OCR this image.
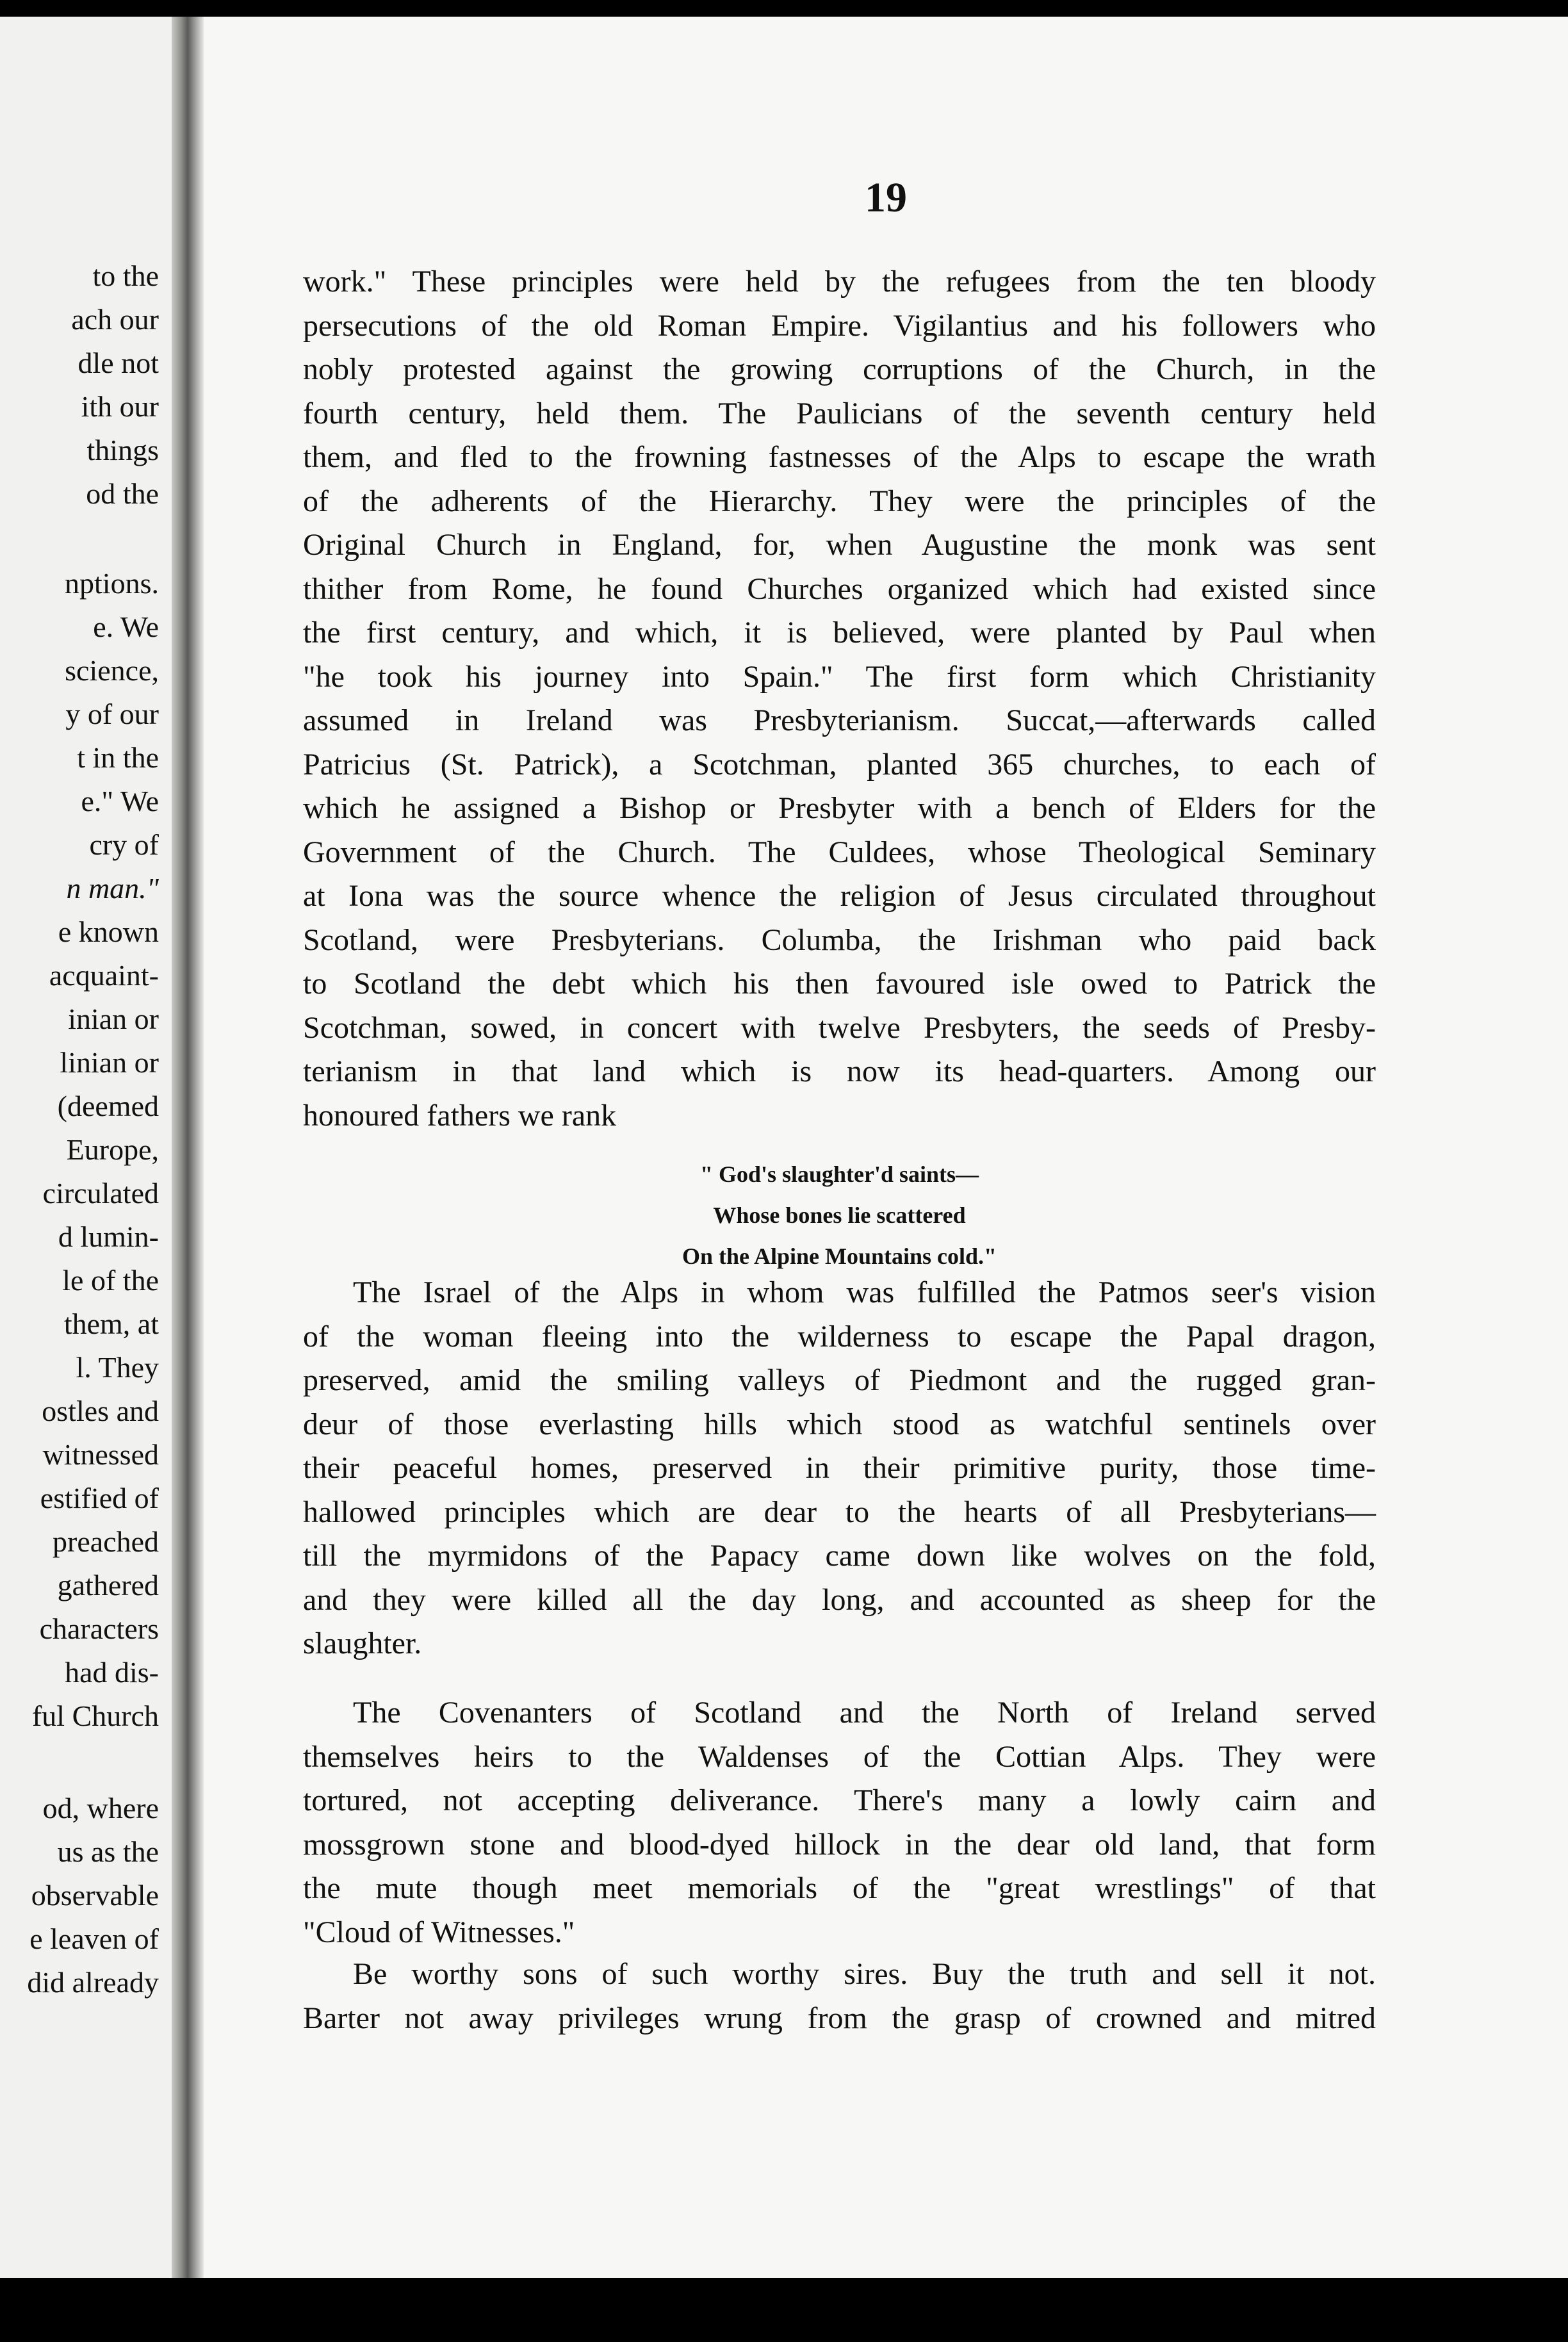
to the
ach our
dle not
ith our
things
od the
nptions.
e. We
science,
y of our
t in the
e." We
cry of
n man."
e known
acquaint-
inian or
linian or
(deemed
Europe,
circulated
d lumin-
le of the
them, at
l. They
ostles and
witnessed
estified of
preached
gathered
characters
had dis-
ful Church
od, where
us as the
observable
e leaven of
did already
19
work." These principles were held by the refugees from the ten bloody
persecutions of the old Roman Empire. Vigilantius and his followers who
nobly protested against the growing corruptions of the Church, in the
fourth century, held them. The Paulicians of the seventh century held
them, and fled to the frowning fastnesses of the Alps to escape the wrath
of the adherents of the Hierarchy. They were the principles of the
Original Church in England, for, when Augustine the monk was sent
thither from Rome, he found Churches organized which had existed since
the first century, and which, it is believed, were planted by Paul when
"he took his journey into Spain." The first form which Christianity
assumed in Ireland was Presbyterianism. Succat,—afterwards called
Patricius (St. Patrick), a Scotchman, planted 365 churches, to each of
which he assigned a Bishop or Presbyter with a bench of Elders for the
Government of the Church. The Culdees, whose Theological Seminary
at Iona was the source whence the religion of Jesus circulated throughout
Scotland, were Presbyterians. Columba, the Irishman who paid back
to Scotland the debt which his then favoured isle owed to Patrick the
Scotchman, sowed, in concert with twelve Presbyters, the seeds of Presby-
terianism in that land which is now its head-quarters. Among our
honoured fathers we rank
" God's slaughter'd saints—
Whose bones lie scattered
On the Alpine Mountains cold."
The Israel of the Alps in whom was fulfilled the Patmos seer's vision
of the woman fleeing into the wilderness to escape the Papal dragon,
preserved, amid the smiling valleys of Piedmont and the rugged gran-
deur of those everlasting hills which stood as watchful sentinels over
their peaceful homes, preserved in their primitive purity, those time-
hallowed principles which are dear to the hearts of all Presbyterians—
till the myrmidons of the Papacy came down like wolves on the fold,
and they were killed all the day long, and accounted as sheep for the
slaughter.
The Covenanters of Scotland and the North of Ireland served
themselves heirs to the Waldenses of the Cottian Alps. They were
tortured, not accepting deliverance. There's many a lowly cairn and
mossgrown stone and blood-dyed hillock in the dear old land, that form
the mute though meet memorials of the "great wrestlings" of that
"Cloud of Witnesses."
Be worthy sons of such worthy sires. Buy the truth and sell it not.
Barter not away privileges wrung from the grasp of crowned and mitred
